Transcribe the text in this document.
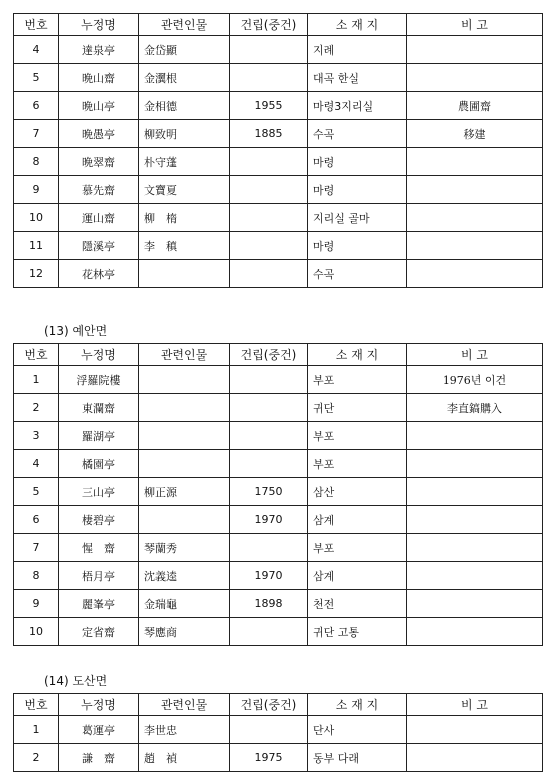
번호	누정명	관련인물	건립(중건)	소 재 지	비 고
4	達泉亭	金岱顯		지례	
5	晩山齋	金瀷根		대곡 한실	
6	晩山亭	金相德	1955	마령3지리실	農圃齋
7	晩愚亭	柳致明	1885	수곡	移建
8	晩翠齋	朴守蓬		마령	
9	慕先齋	文寶夏		마령	
10	運山齋	柳　楕		지리실 골마	
11	隱溪亭	李　稹		마령	
12	花林亭			수곡	
(13) 예안면
번호	누정명	관련인물	건립(중건)	소 재 지	비 고
1	浮羅院樓			부포	1976년 이건
2	東瀾齋			귀단	李直鎬購入
3	羅湖亭			부포	
4	橘園亭			부포	
5	三山亭	柳正源	1750	삼산	
6	棲碧亭		1970	삼계	
7	惺　齋	琴蘭秀		부포	
8	梧月亭	沈義逵	1970	삼계	
9	麗峯亭	金瑞龜	1898	천전	
10	定省齋	琴應商		귀단 고통	
(14) 도산면
번호	누정명	관련인물	건립(중건)	소 재 지	비 고
1	葛運亭	李世忠		단사	
2	謙　齋	趙　禎	1975	동부 다래	
